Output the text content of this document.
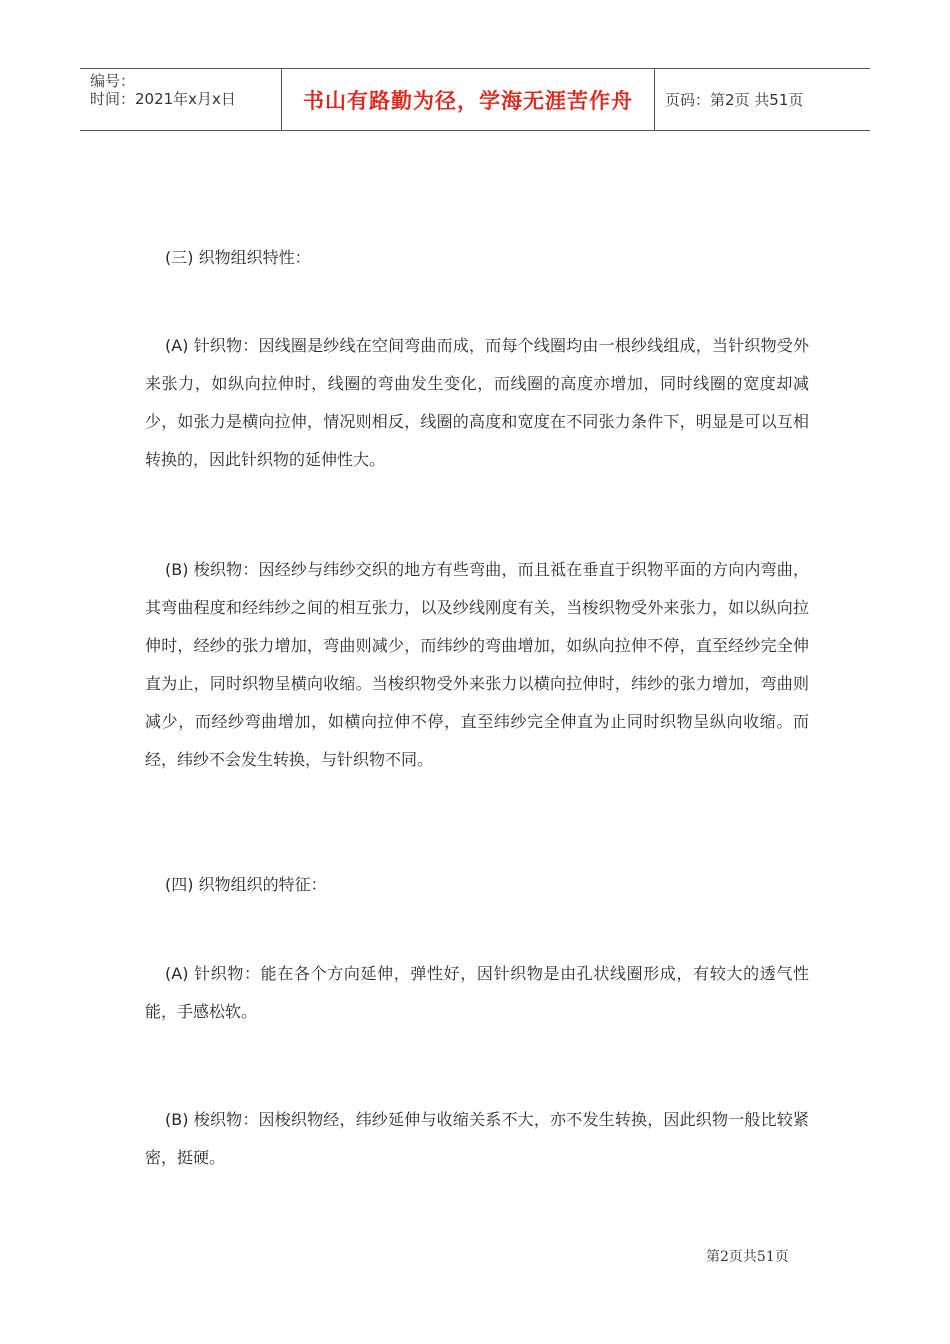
编号：
时间：2021年x月x日	书山有路勤为径，学海无涯苦作舟 页码：第2页 共51页
(三) 织物组织特性：

(A) 针织物：因线圈是纱线在空间弯曲而成，而每个线圈均由一根纱线组成，当针织物受外来张力，如纵向拉伸时，线圈的弯曲发生变化，而线圈的高度亦增加，同时线圈的宽度却减少，如张力是横向拉伸，情况则相反，线圈的高度和宽度在不同张力条件下，明显是可以互相转换的，因此针织物的延伸性大。

(B) 梭织物：因经纱与纬纱交织的地方有些弯曲，而且祗在垂直于织物平面的方向内弯曲，其弯曲程度和经纬纱之间的相互张力，以及纱线刚度有关，当梭织物受外来张力，如以纵向拉伸时，经纱的张力增加，弯曲则减少，而纬纱的弯曲增加，如纵向拉伸不停，直至经纱完全伸直为止，同时织物呈横向收缩。当梭织物受外来张力以横向拉伸时，纬纱的张力增加，弯曲则减少，而经纱弯曲增加，如横向拉伸不停，直至纬纱完全伸直为止同时织物呈纵向收缩。而经，纬纱不会发生转换，与针织物不同。

(四) 织物组织的特征：

(A) 针织物：能在各个方向延伸，弹性好，因针织物是由孔状线圈形成，有较大的透气性能，手感松软。

(B) 梭织物：因梭织物经，纬纱延伸与收缩关系不大，亦不发生转换，因此织物一般比较紧密，挺硬。

第2页共51页
